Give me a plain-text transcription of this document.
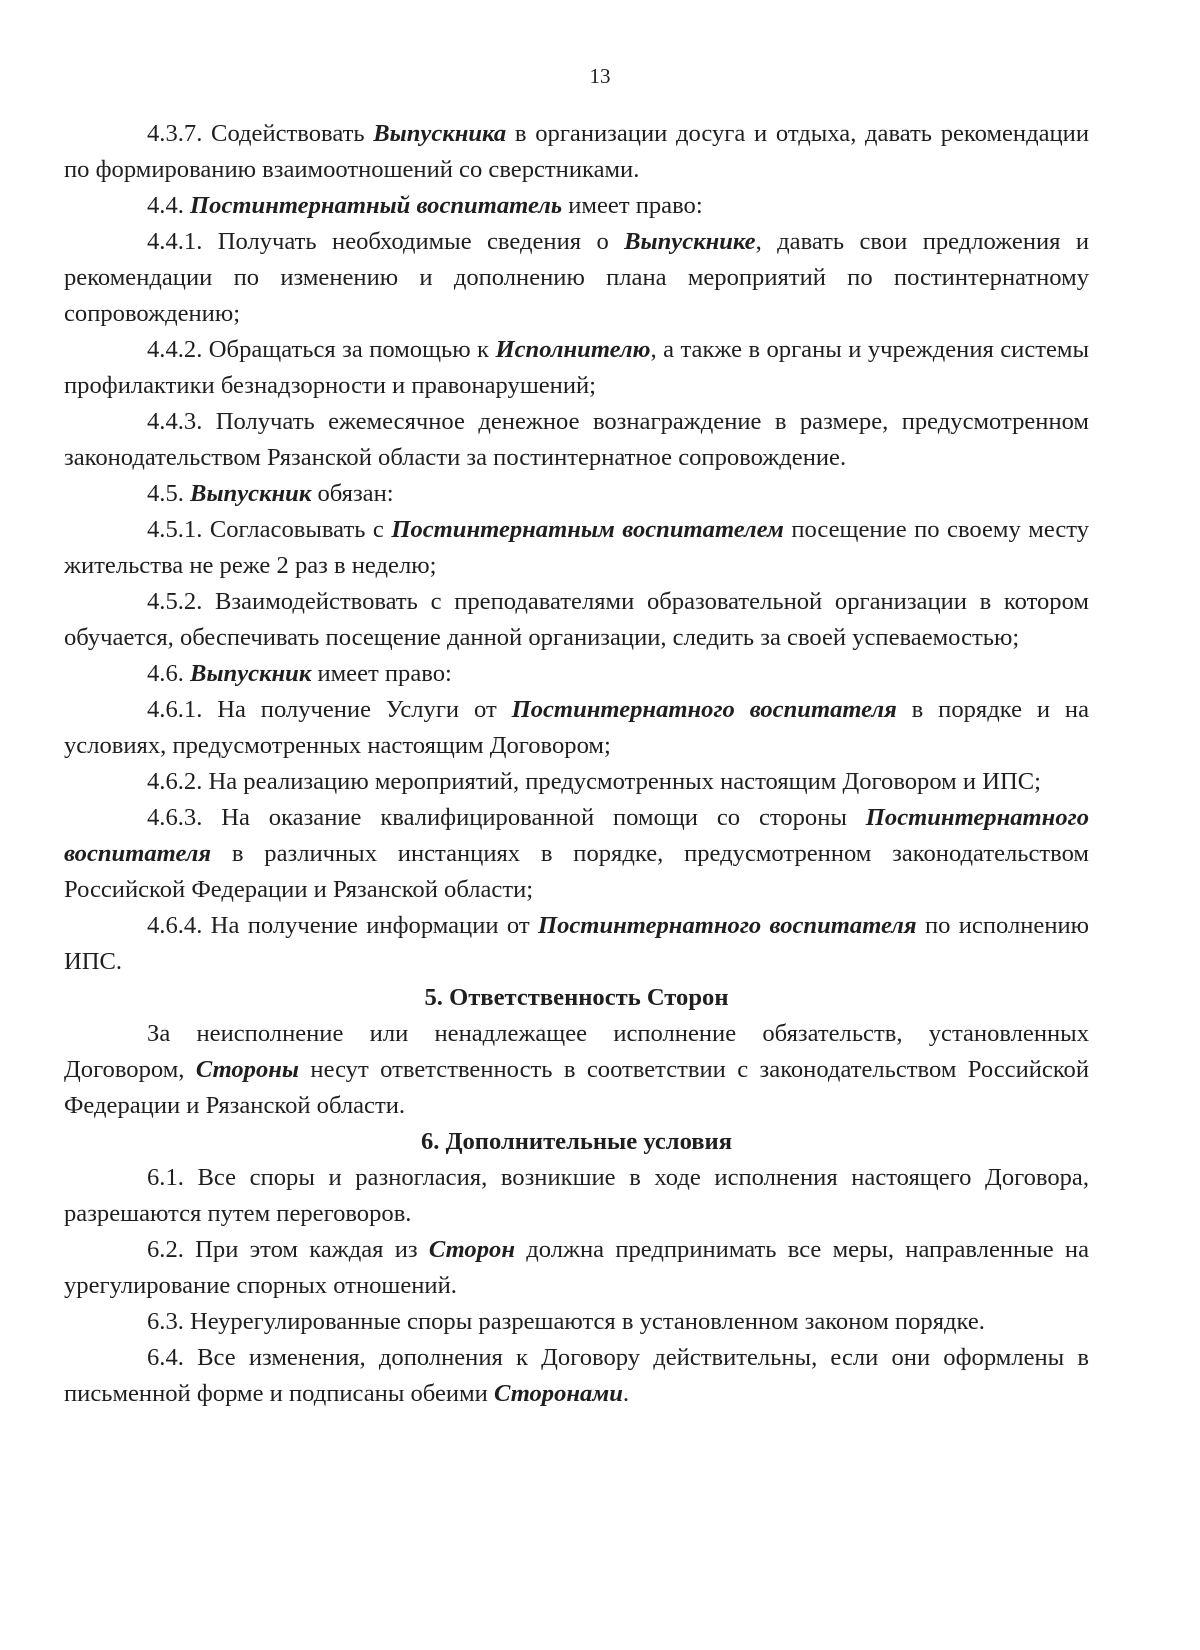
13

4.3.7. Содействовать Выпускника в организации досуга и отдыха, давать рекомендации по формированию взаимоотношений со сверстниками.

4.4. Постинтернатный воспитатель имеет право:

4.4.1. Получать необходимые сведения о Выпускнике, давать свои предложения и рекомендации по изменению и дополнению плана мероприятий по постинтернатному сопровождению;

4.4.2. Обращаться за помощью к Исполнителю, а также в органы и учреждения системы профилактики безнадзорности и правонарушений;

4.4.3. Получать ежемесячное денежное вознаграждение в размере, предусмотренном законодательством Рязанской области за постинтернатное сопровождение.

4.5. Выпускник обязан:

4.5.1. Согласовывать с Постинтернатным воспитателем посещение по своему месту жительства не реже 2 раз в неделю;

4.5.2. Взаимодействовать с преподавателями образовательной организации в котором обучается, обеспечивать посещение данной организации, следить за своей успеваемостью;

4.6. Выпускник имеет право:

4.6.1. На получение Услуги от Постинтернатного воспитателя в порядке и на условиях, предусмотренных настоящим Договором;

4.6.2. На реализацию мероприятий, предусмотренных настоящим Договором и ИПС;

4.6.3. На оказание квалифицированной помощи со стороны Постинтернатного воспитателя в различных инстанциях в порядке, предусмотренном законодательством Российской Федерации и Рязанской области;

4.6.4. На получение информации от Постинтернатного воспитателя по исполнению ИПС.

5. Ответственность Сторон

За неисполнение или ненадлежащее исполнение обязательств, установленных Договором, Стороны несут ответственность в соответствии с законодательством Российской Федерации и Рязанской области.

6. Дополнительные условия

6.1. Все споры и разногласия, возникшие в ходе исполнения настоящего Договора, разрешаются путем переговоров.

6.2. При этом каждая из Сторон должна предпринимать все меры, направленные на урегулирование спорных отношений.

6.3. Неурегулированные споры разрешаются в установленном законом порядке.

6.4. Все изменения, дополнения к Договору действительны, если они оформлены в письменной форме и подписаны обеими Сторонами.
